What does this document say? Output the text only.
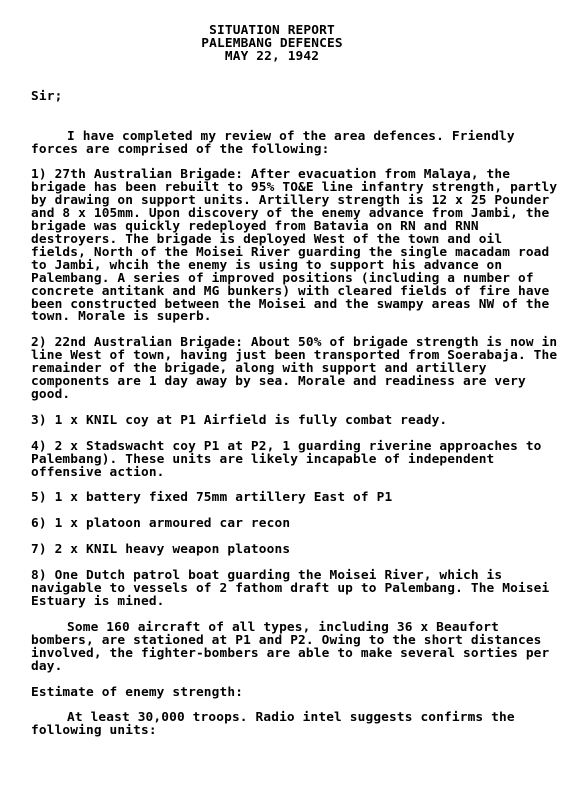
SITUATION REPORT
PALEMBANG DEFENCES
MAY 22, 1942
Sir;
I have completed my review of the area defences. Friendly forces are comprised of the following:
1) 27th Australian Brigade: After evacuation from Malaya, the brigade has been rebuilt to 95% TO&E line infantry strength, partly by drawing on support units. Artillery strength is 12 x 25 Pounder and 8 x 105mm. Upon discovery of the enemy advance from Jambi, the brigade was quickly redeployed from Batavia on RN and RNN destroyers. The brigade is deployed West of the town and oil fields, North of the Moisei River guarding the single macadam road to Jambi, whcih the enemy is using to support his advance on Palembang. A series of improved positions (including a number of concrete antitank and MG bunkers) with cleared fields of fire have been constructed between the Moisei and the swampy areas NW of the town. Morale is superb.
2) 22nd Australian Brigade: About 50% of brigade strength is now in line West of town, having just been transported from Soerabaja. The remainder of the brigade, along with support and artillery components are 1 day away by sea. Morale and readiness are very good.
3) 1 x KNIL coy at P1 Airfield is fully combat ready.
4) 2 x Stadswacht coy P1 at P2, 1 guarding riverine approaches to Palembang). These units are likely incapable of independent offensive action.
5) 1 x battery fixed 75mm artillery East of P1
6) 1 x platoon armoured car recon
7) 2 x KNIL heavy weapon platoons
8) One Dutch patrol boat guarding the Moisei River, which is navigable to vessels of 2 fathom draft up to Palembang. The Moisei Estuary is mined.
Some 160 aircraft of all types, including 36 x Beaufort bombers, are stationed at P1 and P2. Owing to the short distances involved, the fighter-bombers are able to make several sorties per day.
Estimate of enemy strength:
At least 30,000 troops. Radio intel suggests confirms the following units:
